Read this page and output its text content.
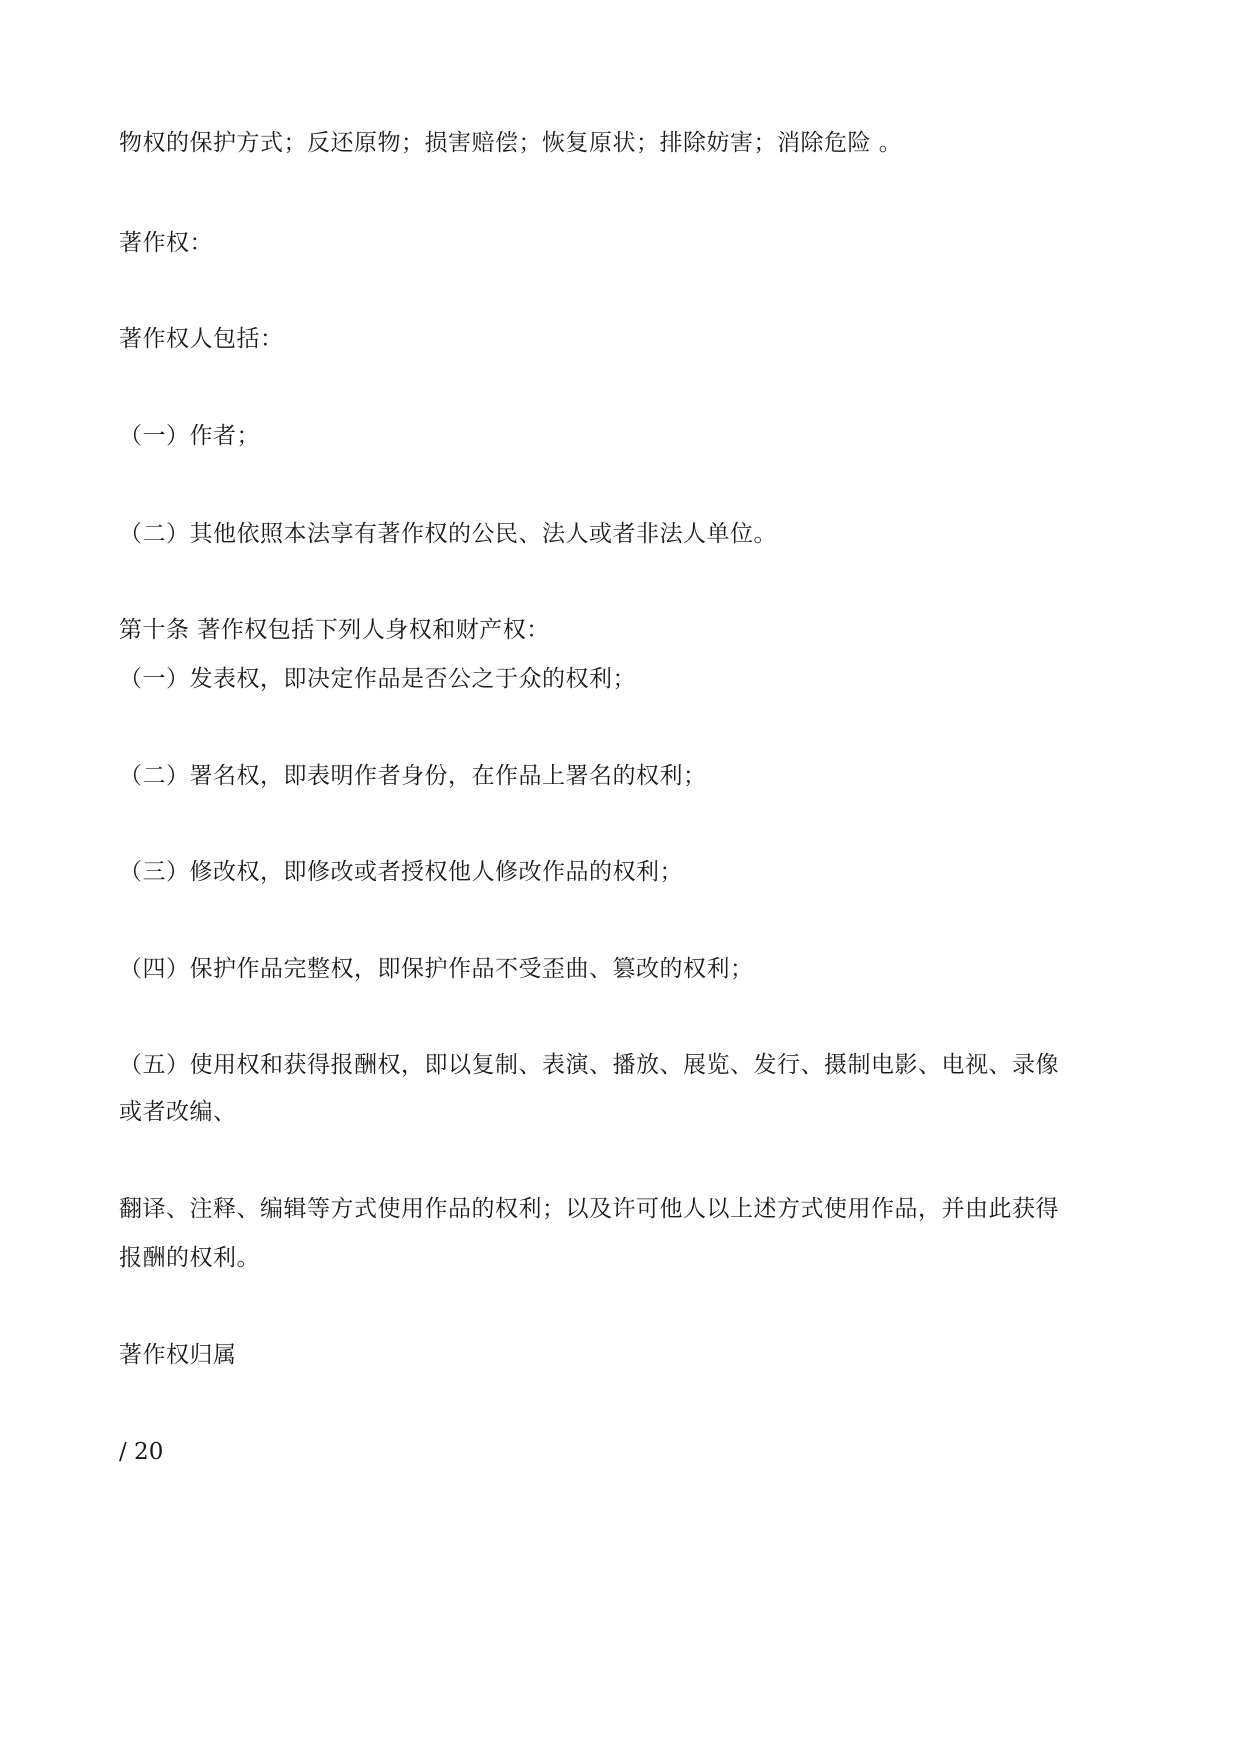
物权的保护方式；反还原物；损害赔偿；恢复原状；排除妨害；消除危险 。
著作权：
著作权人包括：
（一）作者；
（二）其他依照本法享有著作权的公民、法人或者非法人单位。
第十条 著作权包括下列人身权和财产权：
（一）发表权，即决定作品是否公之于众的权利；
（二）署名权，即表明作者身份，在作品上署名的权利；
（三）修改权，即修改或者授权他人修改作品的权利；
（四）保护作品完整权，即保护作品不受歪曲、篡改的权利；
（五）使用权和获得报酬权，即以复制、表演、播放、展览、发行、摄制电影、电视、录像
或者改编、
翻译、注释、编辑等方式使用作品的权利；以及许可他人以上述方式使用作品，并由此获得
报酬的权利。
著作权归属
/ 20
